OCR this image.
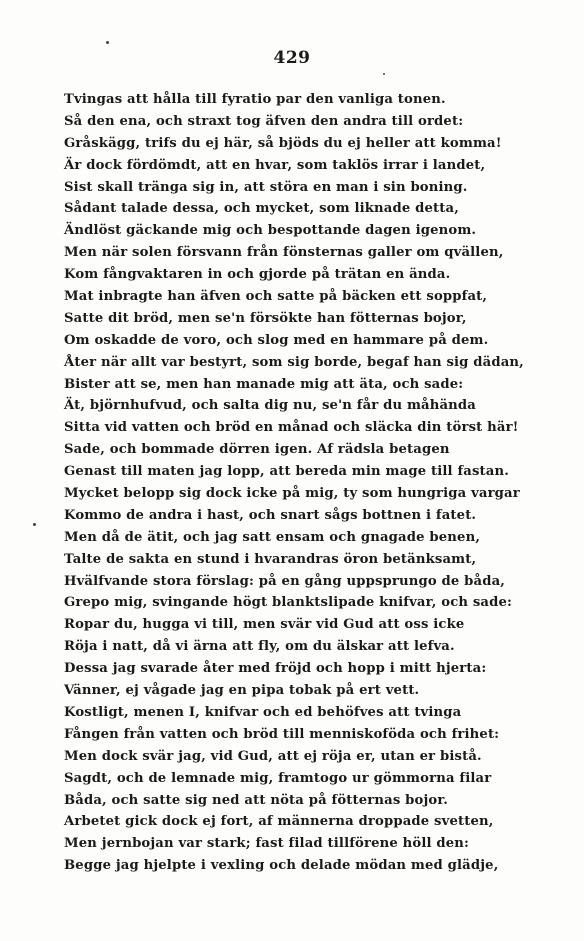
429
Tvingas att hålla till fyratio par den vanliga tonen.
Så den ena, och straxt tog äfven den andra till ordet:
Gråskägg, trifs du ej här, så bjöds du ej heller att komma!
Är dock fördömdt, att en hvar, som taklös irrar i landet,
Sist skall tränga sig in, att störa en man i sin boning.
Sådant talade dessa, och mycket, som liknade detta,
Ändlöst gäckande mig och bespottande dagen igenom.
Men när solen försvann från fönsternas galler om qvällen,
Kom fångvaktaren in och gjorde på trätan en ända.
Mat inbragte han äfven och satte på bäcken ett soppfat,
Satte dit bröd, men se'n försökte han fötternas bojor,
Om oskadde de voro, och slog med en hammare på dem.
Åter när allt var bestyrt, som sig borde, begaf han sig dädan,
Bister att se, men han manade mig att äta, och sade:
Ät, björnhufvud, och salta dig nu, se'n får du måhända
Sitta vid vatten och bröd en månad och släcka din törst här!
Sade, och bommade dörren igen. Af rädsla betagen
Genast till maten jag lopp, att bereda min mage till fastan.
Mycket belopp sig dock icke på mig, ty som hungriga vargar
Kommo de andra i hast, och snart sågs bottnen i fatet.
Men då de ätit, och jag satt ensam och gnagade benen,
Talte de sakta en stund i hvarandras öron betänksamt,
Hvälfvande stora förslag: på en gång uppsprungo de båda,
Grepo mig, svingande högt blanktslipade knifvar, och sade:
Ropar du, hugga vi till, men svär vid Gud att oss icke
Röja i natt, då vi ärna att fly, om du älskar att lefva.
Dessa jag svarade åter med fröjd och hopp i mitt hjerta:
Vänner, ej vågade jag en pipa tobak på ert vett.
Kostligt, menen I, knifvar och ed behöfves att tvinga
Fången från vatten och bröd till menniskoföda och frihet:
Men dock svär jag, vid Gud, att ej röja er, utan er bistå.
Sagdt, och de lemnade mig, framtogo ur gömmorna filar
Båda, och satte sig ned att nöta på fötternas bojor.
Arbetet gick dock ej fort, af männerna droppade svetten,
Men jernbojan var stark; fast filad tillförene höll den:
Begge jag hjelpte i vexling och delade mödan med glädje,
